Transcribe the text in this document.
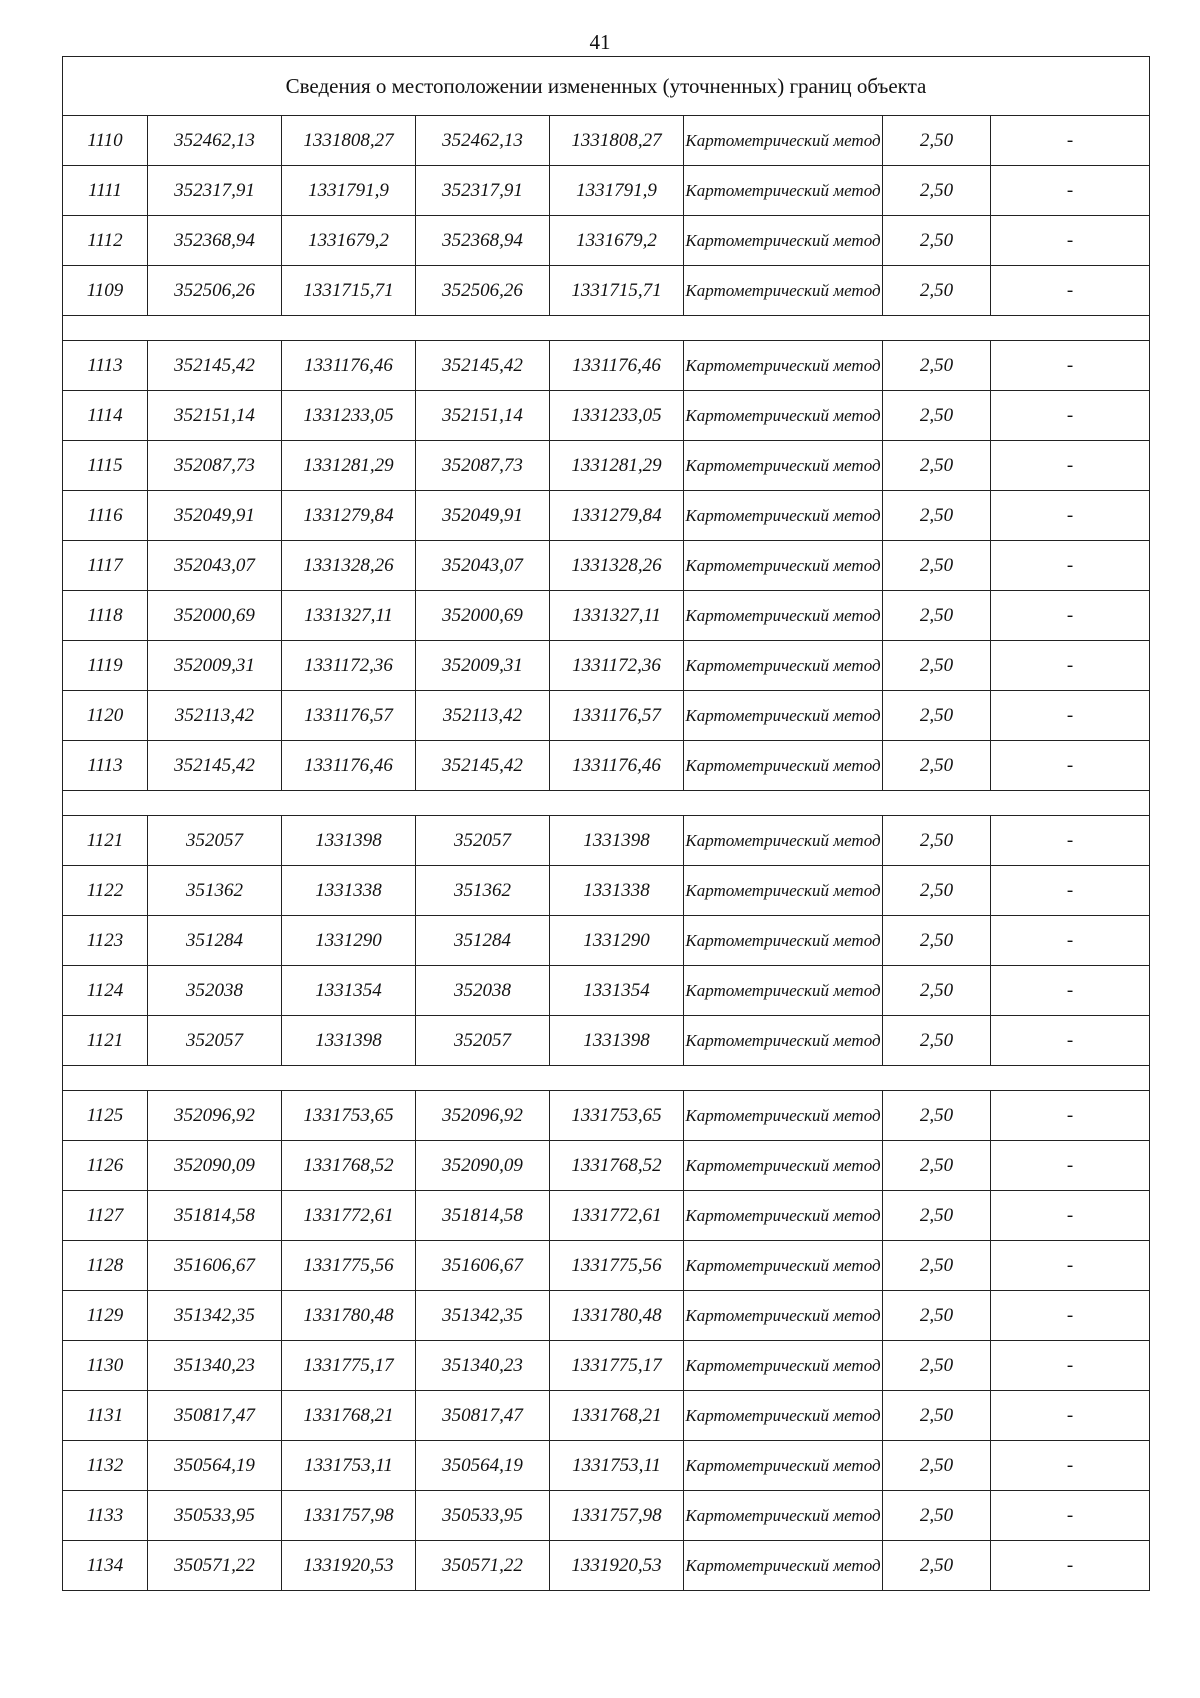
41
Сведения о местоположении измененных (уточненных) границ объекта							
1110	352462,13	1331808,27	352462,13	1331808,27	Картометрический метод	2,50	-
1111	352317,91	1331791,9	352317,91	1331791,9	Картометрический метод	2,50	-
1112	352368,94	1331679,2	352368,94	1331679,2	Картометрический метод	2,50	-
1109	352506,26	1331715,71	352506,26	1331715,71	Картометрический метод	2,50	-

1113	352145,42	1331176,46	352145,42	1331176,46	Картометрический метод	2,50	-
1114	352151,14	1331233,05	352151,14	1331233,05	Картометрический метод	2,50	-
1115	352087,73	1331281,29	352087,73	1331281,29	Картометрический метод	2,50	-
1116	352049,91	1331279,84	352049,91	1331279,84	Картометрический метод	2,50	-
1117	352043,07	1331328,26	352043,07	1331328,26	Картометрический метод	2,50	-
1118	352000,69	1331327,11	352000,69	1331327,11	Картометрический метод	2,50	-
1119	352009,31	1331172,36	352009,31	1331172,36	Картометрический метод	2,50	-
1120	352113,42	1331176,57	352113,42	1331176,57	Картометрический метод	2,50	-
1113	352145,42	1331176,46	352145,42	1331176,46	Картометрический метод	2,50	-

1121	352057	1331398	352057	1331398	Картометрический метод	2,50	-
1122	351362	1331338	351362	1331338	Картометрический метод	2,50	-
1123	351284	1331290	351284	1331290	Картометрический метод	2,50	-
1124	352038	1331354	352038	1331354	Картометрический метод	2,50	-
1121	352057	1331398	352057	1331398	Картометрический метод	2,50	-

1125	352096,92	1331753,65	352096,92	1331753,65	Картометрический метод	2,50	-
1126	352090,09	1331768,52	352090,09	1331768,52	Картометрический метод	2,50	-
1127	351814,58	1331772,61	351814,58	1331772,61	Картометрический метод	2,50	-
1128	351606,67	1331775,56	351606,67	1331775,56	Картометрический метод	2,50	-
1129	351342,35	1331780,48	351342,35	1331780,48	Картометрический метод	2,50	-
1130	351340,23	1331775,17	351340,23	1331775,17	Картометрический метод	2,50	-
1131	350817,47	1331768,21	350817,47	1331768,21	Картометрический метод	2,50	-
1132	350564,19	1331753,11	350564,19	1331753,11	Картометрический метод	2,50	-
1133	350533,95	1331757,98	350533,95	1331757,98	Картометрический метод	2,50	-
1134	350571,22	1331920,53	350571,22	1331920,53	Картометрический метод	2,50	-
